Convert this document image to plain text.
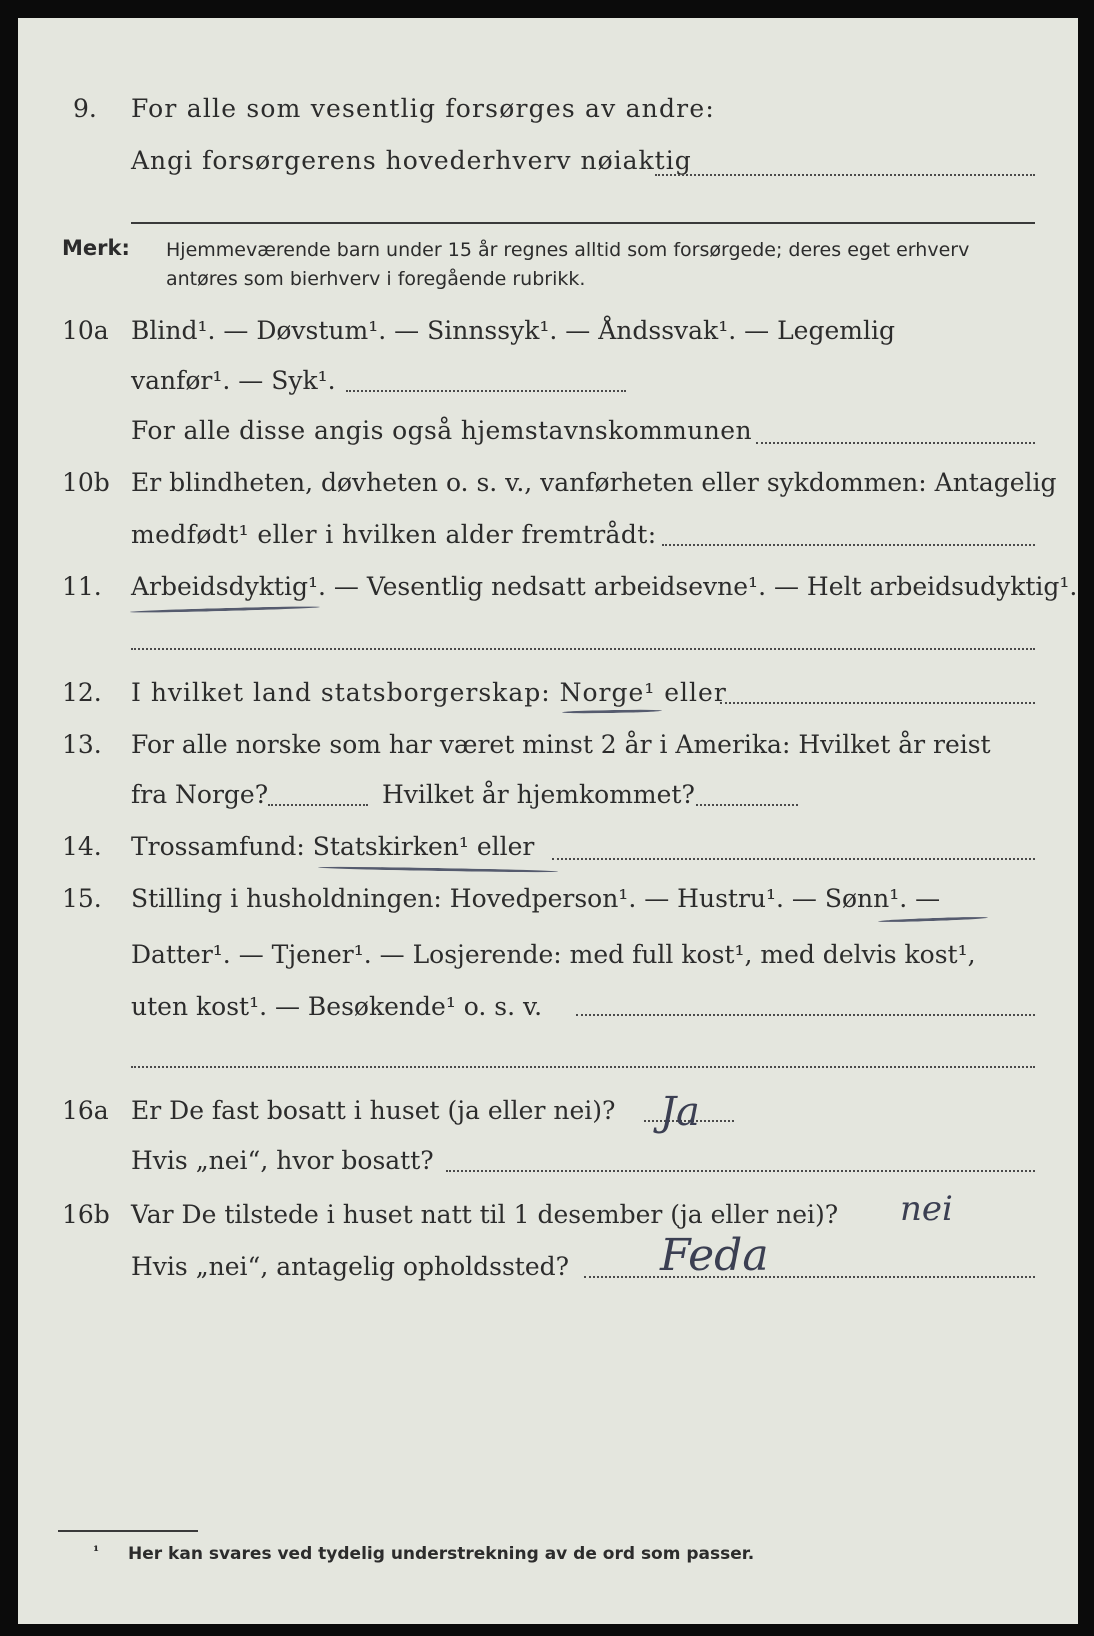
9. For alle som vesentlig forsørges av andre:
Angi forsørgerens hovederhverv nøiaktig
Merk: Hjemmeværende barn under 15 år regnes alltid som forsørgede; deres eget erhverv
antøres som bierhverv i foregående rubrikk.
10a Blind¹. — Døvstum¹. — Sinnssyk¹. — Åndssvak¹. — Legemlig
vanfør¹. — Syk¹.
For alle disse angis også hjemstavnskommunen
10b Er blindheten, døvheten o. s. v., vanførheten eller sykdommen: Antagelig
medfødt¹ eller i hvilken alder fremtrådt:
11. Arbeidsdyktig¹. — Vesentlig nedsatt arbeidsevne¹. — Helt arbeidsudyktig¹.
12. I hvilket land statsborgerskap: Norge¹ eller
13. For alle norske som har været minst 2 år i Amerika: Hvilket år reist
fra Norge?	Hvilket år hjemkommet?
14. Trossamfund: Statskirken¹ eller
15. Stilling i husholdningen: Hovedperson¹. — Hustru¹. — Sønn¹. —
Datter¹. — Tjener¹. — Losjerende: med full kost¹, med delvis kost¹,
uten kost¹. — Besøkende¹ o. s. v.
16a Er De fast bosatt i huset (ja eller nei)? Ja
Hvis „nei“, hvor bosatt?
16b Var De tilstede i huset natt til 1 desember (ja eller nei)? nei
Hvis „nei“, antagelig opholdssted? Feda
¹ Her kan svares ved tydelig understrekning av de ord som passer.
